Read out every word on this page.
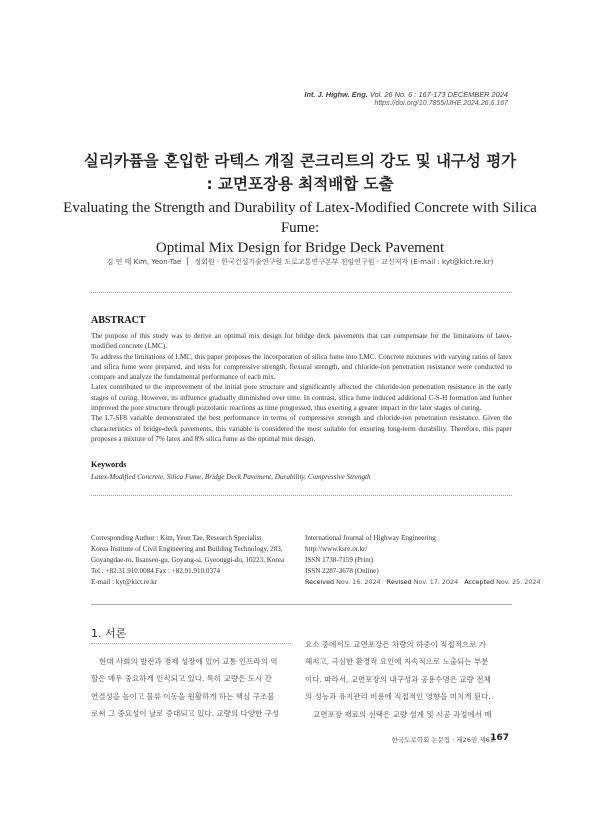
Int. J. Highw. Eng. Vol. 26 No. 6 : 167-173 DECEMBER 2024
https://doi.org/10.7855/IJHE.2024.26.6.167
실리카퓸을 혼입한 라텍스 개질 콘크리트의 강도 및 내구성 평가
: 교면포장용 최적배합 도출
Evaluating the Strength and Durability of Latex-Modified Concrete with Silica Fume:
Optimal Mix Design for Bridge Deck Pavement
김 연 태 Kim, Yeon-Tae 정회원 · 한국건설기술연구원 도로교통연구본부 전임연구원 · 교신저자 (E-mail : kyt@kict.re.kr)
ABSTRACT

The purpose of this study was to derive an optimal mix design for bridge deck pavements that can compensate for the limitations of latex-modified concrete (LMC).

To address the limitations of LMC, this paper proposes the incorporation of silica fume into LMC. Concrete mixtures with varying ratios of latex and silica fume were prepared, and tests for compressive strength, flexural strength, and chloride-ion penetration resistance were conducted to compare and analyze the fundamental performance of each mix.

Latex contributed to the improvement of the initial pore structure and significantly affected the chloride-ion penetration resistance in the early stages of curing. However, its influence gradually diminished over time. In contrast, silica fume induced additional C-S-H formation and further improved the pore structure through pozzolanic reactions as time progressed, thus exerting a greater impact in the later stages of curing.

The L7-SF8 variable demonstrated the best performance in terms of compressive strength and chloride-ion penetration resistance. Given the characteristics of bridge-deck pavements, this variable is considered the most suitable for ensuring long-term durability. Therefore, this paper proposes a mixture of 7% latex and 8% silica fume as the optimal mix design.

Keywords
Latex-Modified Concrete, Silica Fume, Bridge Deck Pavement, Durability, Compressive Strength
Corresponding Author : Kim, Yeon Tae, Research Specialist
Korea Institute of Civil Engineering and Building Technology, 283,
Goyangdae-ro, Ilsanseo-gu, Goyang-si, Gyeonggi-do, 10223, Korea
Tel : +82.31.910.0084 Fax : +82.91.910.0374
E-mail : kyt@kict.re.kr
International Journal of Highway Engineering
http://www.ksre.or.kr/
ISSN 1738-7159 (Print)
ISSN 2287-3678 (Online)
Received Nov. 16. 2024 Revised Nov. 17. 2024 Accepted Nov. 25. 2024
1. 서론
현대 사회의 발전과 경제 성장에 있어 교통 인프라의 역
할은 매우 중요하게 인식되고 있다. 특히 교량은 도시 간
연결성을 높이고 물류 이동을 원활하게 하는 핵심 구조물
로써 그 중요성이 날로 증대되고 있다. 교량의 다양한 구성
요소 중에서도 교면포장은 차량의 하중이 직접적으로 가
해지고, 극심한 환경적 요인에 지속적으로 노출되는 부분
이다. 따라서, 교면포장의 내구성과 공용수명은 교량 전체
의 성능과 유지관리 비용에 직접적인 영향을 미치게 된다.
교면포장 재료의 선택은 교량 설계 및 시공 과정에서 매
한국도로학회 논문집 · 제26권 제6호
167
